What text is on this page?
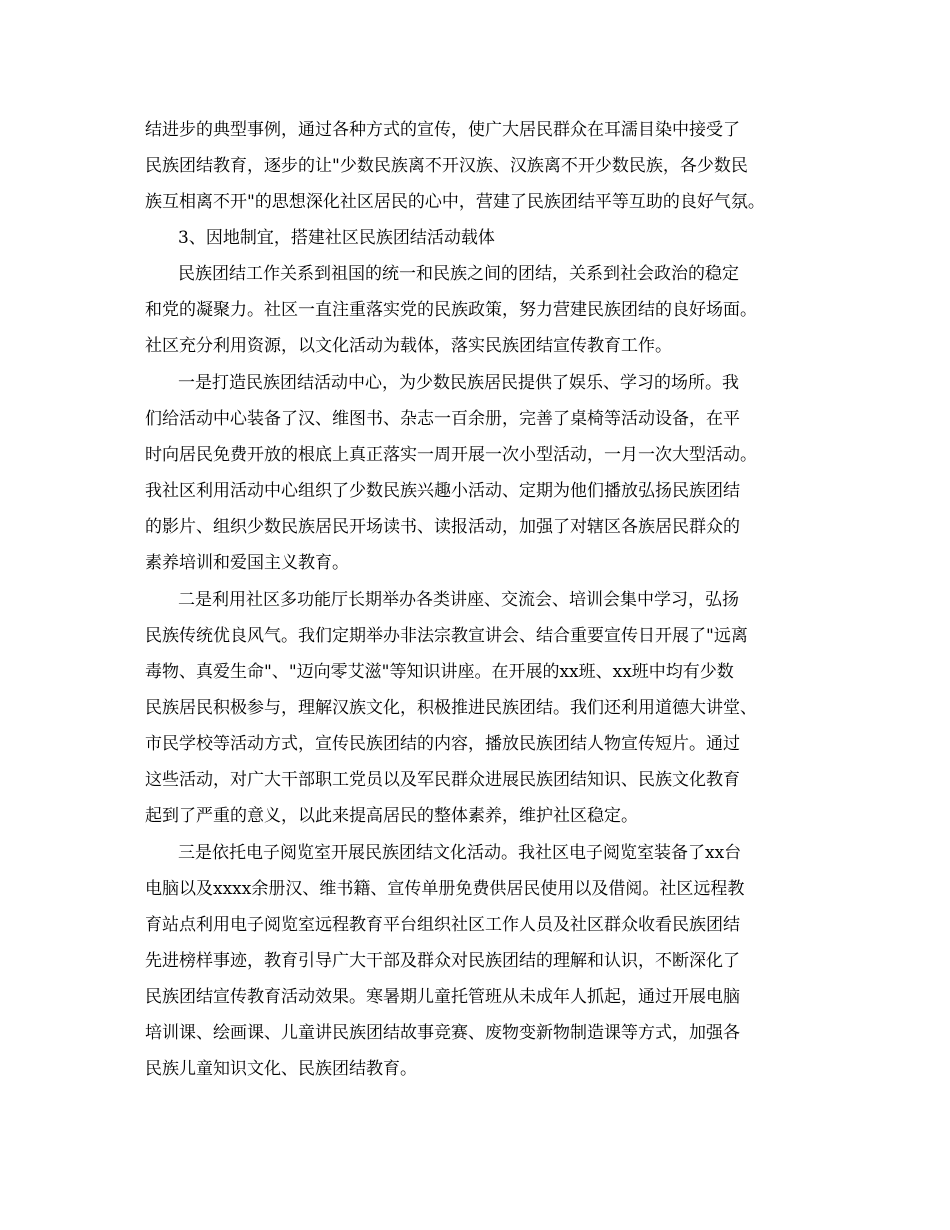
结进步的典型事例，通过各种方式的宣传，使广大居民群众在耳濡目染中接受了
民族团结教育，逐步的让"少数民族离不开汉族、汉族离不开少数民族，各少数民
族互相离不开"的思想深化社区居民的心中，营建了民族团结平等互助的良好气氛。
3、因地制宜，搭建社区民族团结活动载体
民族团结工作关系到祖国的统一和民族之间的团结，关系到社会政治的稳定
和党的凝聚力。社区一直注重落实党的民族政策，努力营建民族团结的良好场面。
社区充分利用资源，以文化活动为载体，落实民族团结宣传教育工作。
一是打造民族团结活动中心，为少数民族居民提供了娱乐、学习的场所。我
们给活动中心装备了汉、维图书、杂志一百余册，完善了桌椅等活动设备，在平
时向居民免费开放的根底上真正落实一周开展一次小型活动，一月一次大型活动。
我社区利用活动中心组织了少数民族兴趣小活动、定期为他们播放弘扬民族团结
的影片、组织少数民族居民开场读书、读报活动，加强了对辖区各族居民群众的
素养培训和爱国主义教育。
二是利用社区多功能厅长期举办各类讲座、交流会、培训会集中学习，弘扬
民族传统优良风气。我们定期举办非法宗教宣讲会、结合重要宣传日开展了"远离
毒物、真爱生命"、"迈向零艾滋"等知识讲座。在开展的xx班、xx班中均有少数
民族居民积极参与，理解汉族文化，积极推进民族团结。我们还利用道德大讲堂、
市民学校等活动方式，宣传民族团结的内容，播放民族团结人物宣传短片。通过
这些活动，对广大干部职工党员以及军民群众进展民族团结知识、民族文化教育
起到了严重的意义，以此来提高居民的整体素养，维护社区稳定。
三是依托电子阅览室开展民族团结文化活动。我社区电子阅览室装备了xx台
电脑以及xxxx余册汉、维书籍、宣传单册免费供居民使用以及借阅。社区远程教
育站点利用电子阅览室远程教育平台组织社区工作人员及社区群众收看民族团结
先进榜样事迹，教育引导广大干部及群众对民族团结的理解和认识，不断深化了
民族团结宣传教育活动效果。寒暑期儿童托管班从未成年人抓起，通过开展电脑
培训课、绘画课、儿童讲民族团结故事竞赛、废物变新物制造课等方式，加强各
民族儿童知识文化、民族团结教育。
